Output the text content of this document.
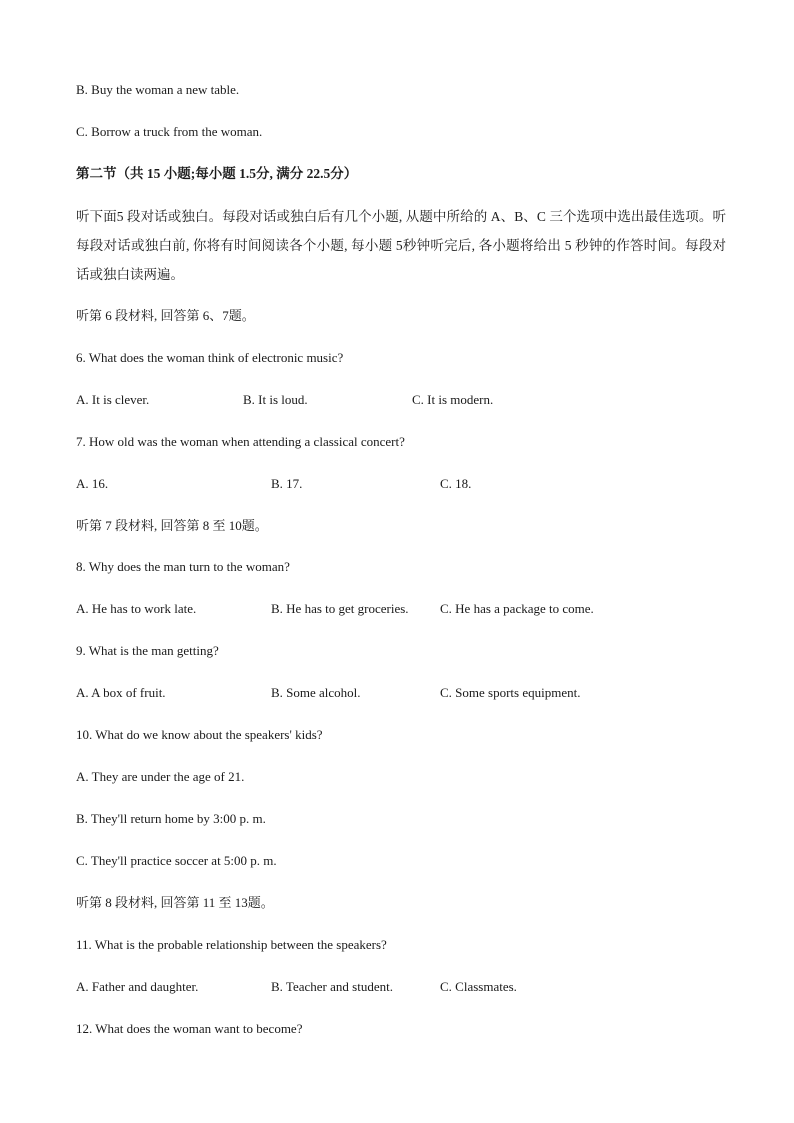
B. Buy the woman a new table.
C. Borrow a truck from the woman.
第二节（共 15 小题;每小题 1.5分, 满分 22.5分）
听下面5 段对话或独白。每段对话或独白后有几个小题, 从题中所给的 A、B、C 三个选项中选出最佳选项。听每段对话或独白前, 你将有时间阅读各个小题, 每小题 5秒钟听完后, 各小题将给出 5 秒钟的作答时间。每段对话或独白读两遍。
听第 6 段材料, 回答第 6、7题。
6. What does the woman think of electronic music?
A. It is clever.	B. It is loud.	C. It is modern.
7. How old was the woman when attending a classical concert?
A. 16.	B. 17.	C. 18.
听第 7 段材料, 回答第 8 至 10题。
8. Why does the man turn to the woman?
A. He has to work late.	B. He has to get groceries. C. He has a package to come.
9. What is the man getting?
A. A box of fruit.	B. Some alcohol.	C. Some sports equipment.
10. What do we know about the speakers' kids?
A. They are under the age of 21.
B. They'll return home by 3:00 p. m.
C. They'll practice soccer at 5:00 p. m.
听第 8 段材料, 回答第 11 至 13题。
11. What is the probable relationship between the speakers?
A. Father and daughter.	B. Teacher and student.	C. Classmates.
12. What does the woman want to become?
